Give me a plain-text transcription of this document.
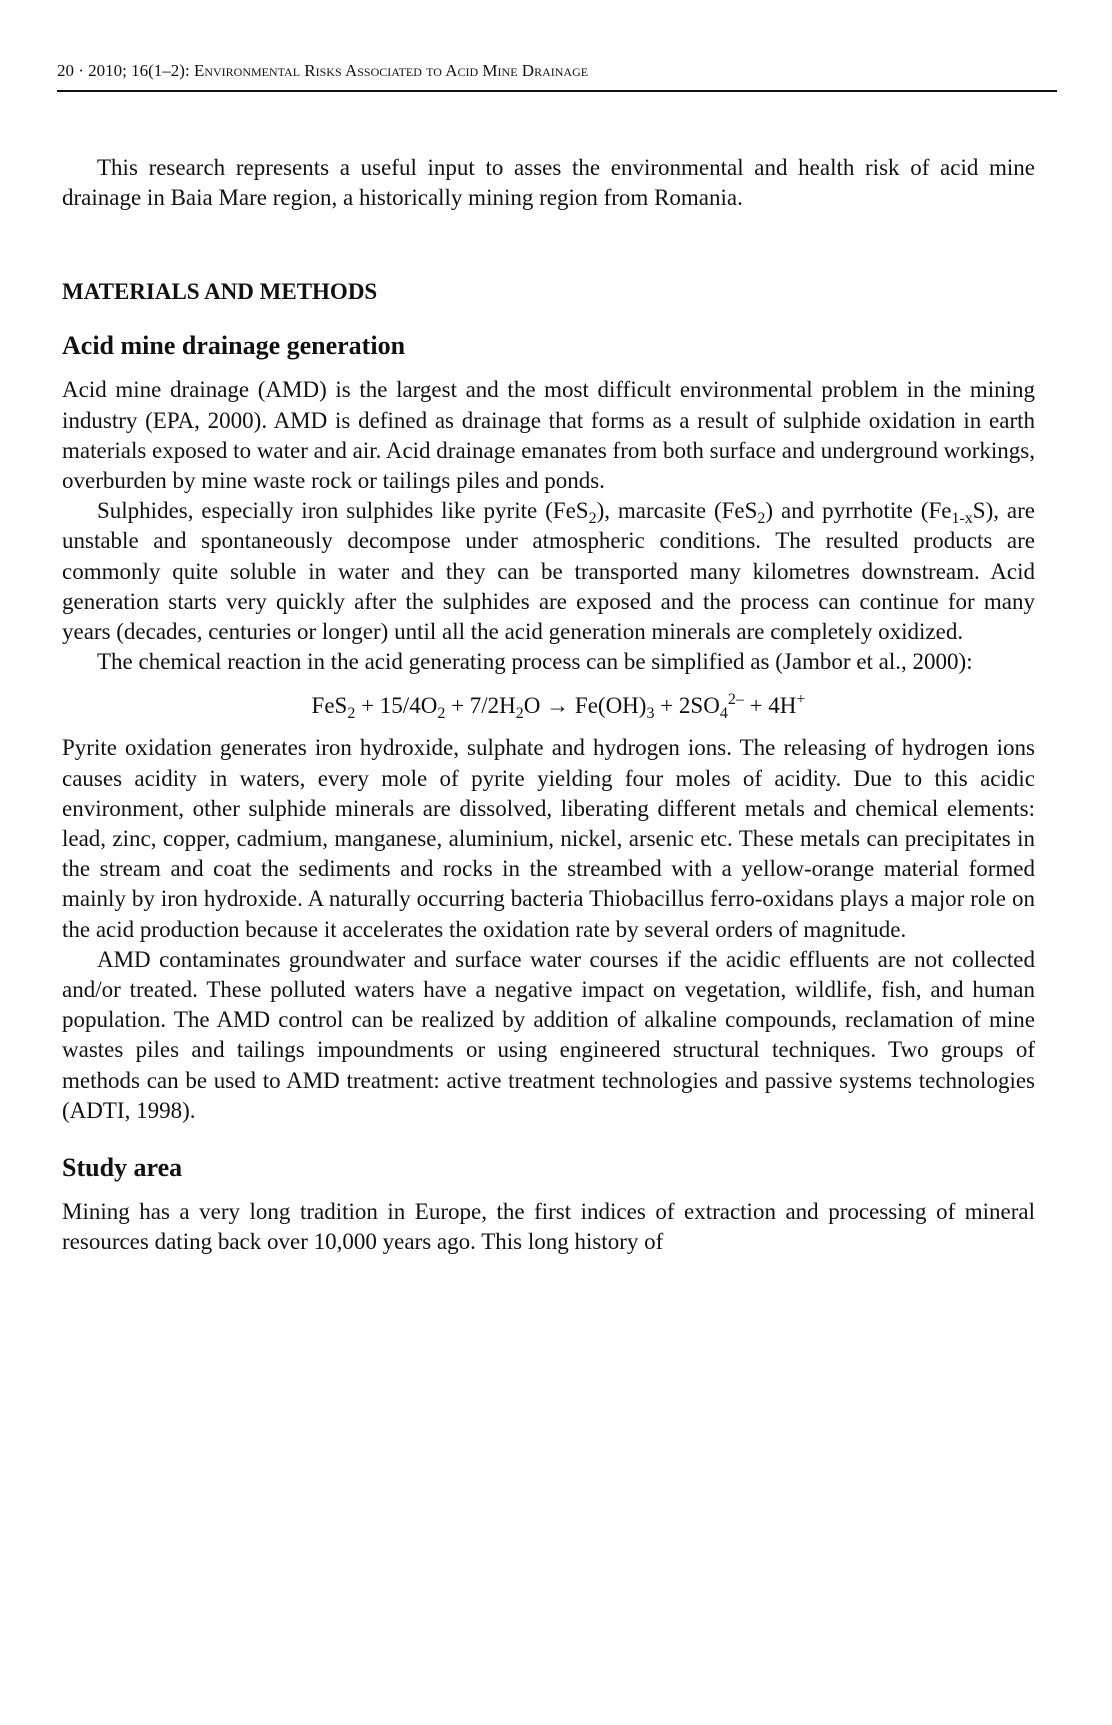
20 · 2010; 16(1–2): Environmental Risks Associated to Acid Mine Drainage

This research represents a useful input to asses the environmental and health risk of acid mine drainage in Baia Mare region, a historically mining region from Romania.

MATERIALS AND METHODS
Acid mine drainage generation

Acid mine drainage (AMD) is the largest and the most difficult environmental problem in the mining industry (EPA, 2000). AMD is defined as drainage that forms as a result of sulphide oxidation in earth materials exposed to water and air. Acid drainage emanates from both surface and underground workings, overburden by mine waste rock or tailings piles and ponds.

Sulphides, especially iron sulphides like pyrite (FeS$_2$), marcasite (FeS$_2$) and pyrrhotite $(Fe_{1-x}S)$, are unstable and spontaneously decompose under atmospheric conditions. The resulted products are commonly quite soluble in water and they can be transported many kilometres downstream. Acid generation starts very quickly after the sulphides are exposed and the process can continue for many years (decades, centuries or longer) until all the acid generation minerals are completely oxidized.

The chemical reaction in the acid generating process can be simplified as (Jambor et al., 2000):

$FeS_2 + 15/4O_2 + 7/2H_2O \to Fe(OH)_3 + 2SO_4^{2-} + 4H^+$

Pyrite oxidation generates iron hydroxide, sulphate and hydrogen ions. The releasing of hydrogen ions causes acidity in waters, every mole of pyrite yielding four moles of acidity. Due to this acidic environment, other sulphide minerals are dissolved, liberating different metals and chemical elements: lead, zinc, copper, cadmium, manganese, aluminium, nickel, arsenic etc. These metals can precipitates in the stream and coat the sediments and rocks in the streambed with a yellow-orange material formed mainly by iron hydroxide. A naturally occurring bacteria Thiobacillus ferro-oxidans plays a major role on the acid production because it accelerates the oxidation rate by several orders of magnitude.

AMD contaminates groundwater and surface water courses if the acidic effluents are not collected and/or treated. These polluted waters have a negative impact on vegetation, wildlife, fish, and human population. The AMD control can be realized by addition of alkaline compounds, reclamation of mine wastes piles and tailings impoundments or using engineered structural techniques. Two groups of methods can be used to AMD treatment: active treatment technologies and passive systems technologies (ADTI, 1998).

Study area

Mining has a very long tradition in Europe, the first indices of extraction and processing of mineral resources dating back over 10,000 years ago. This long history of
